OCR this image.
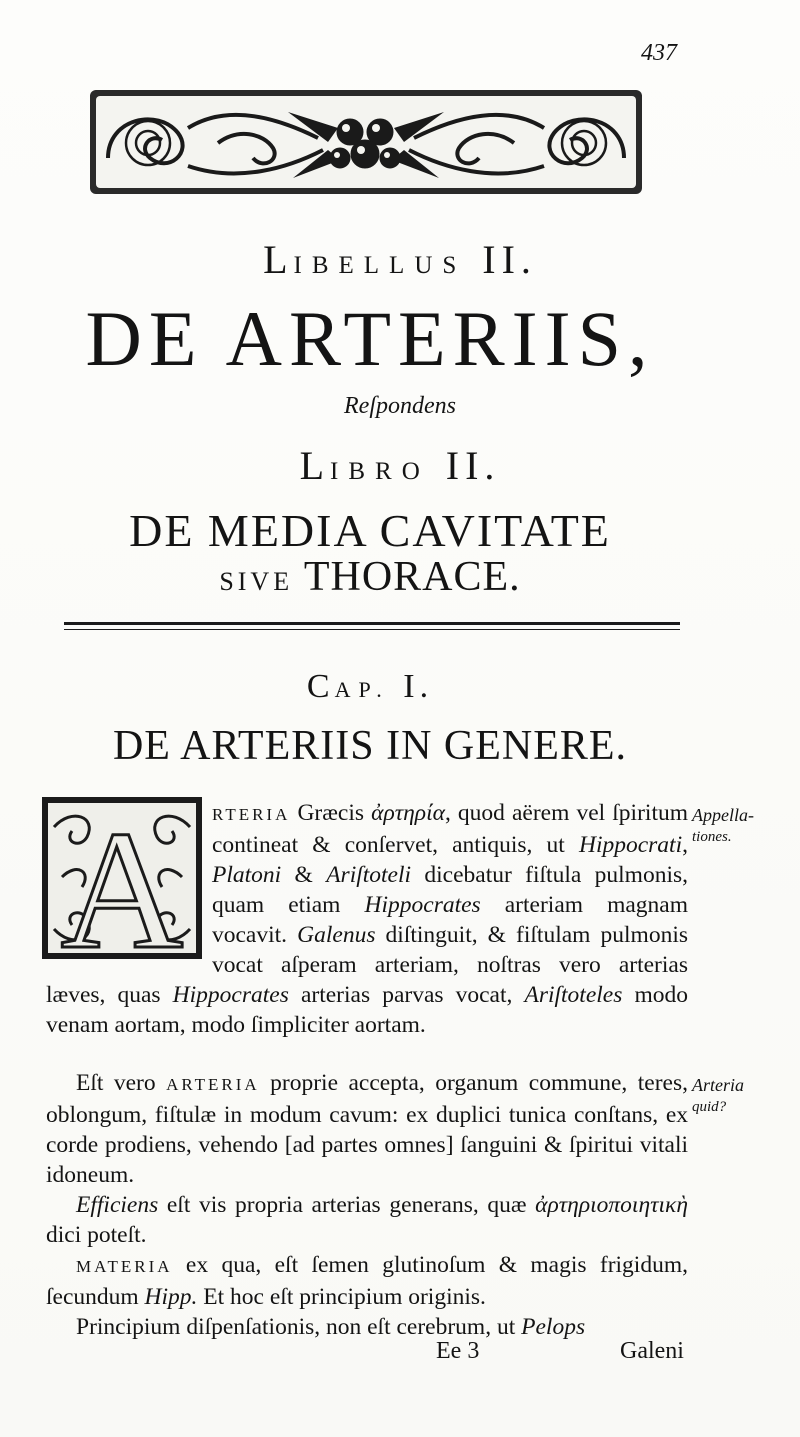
437
LIBELLUS II.
DE ARTERIIS,
Reſpondens
LIBRO II.
DE MEDIA CAVITATE
SIVE THORACE.
CAP. I.
DE ARTERIIS IN GENERE.
A	RTERIA Græcis ἀρτηρία, quod aërem vel ſpiritum contineat & conſervet, antiquis, ut Hippocrati, Platoni & Ariſtoteli dicebatur fiſtula pulmonis, quam etiam Hippocrates arteriam magnam vocavit. Galenus diſtinguit, & fiſtulam pulmonis vocat aſperam arteriam, noſtras vero arterias læves, quas Hippocrates arterias parvas vocat, Ariſtoteles modo venam aortam, modo ſimpliciter aortam.

Eſt vero ARTERIA proprie accepta, organum commune, teres, oblongum, fiſtulæ in modum cavum: ex duplici tunica conſtans, ex corde prodiens, vehendo [ad partes omnes] ſanguini & ſpiritui vitali idoneum.

Efficiens eſt vis propria arterias generans, quæ ἀρτηριοποιητικὴ dici poteſt.

MATERIA ex qua, eſt ſemen glutinoſum & magis frigidum, ſecundum Hipp. Et hoc eſt principium originis.

Principium diſpenſationis, non eſt cerebrum, ut Pelops

Appella-
tiones.
Arteria
quid?
Ee 3	Galeni
